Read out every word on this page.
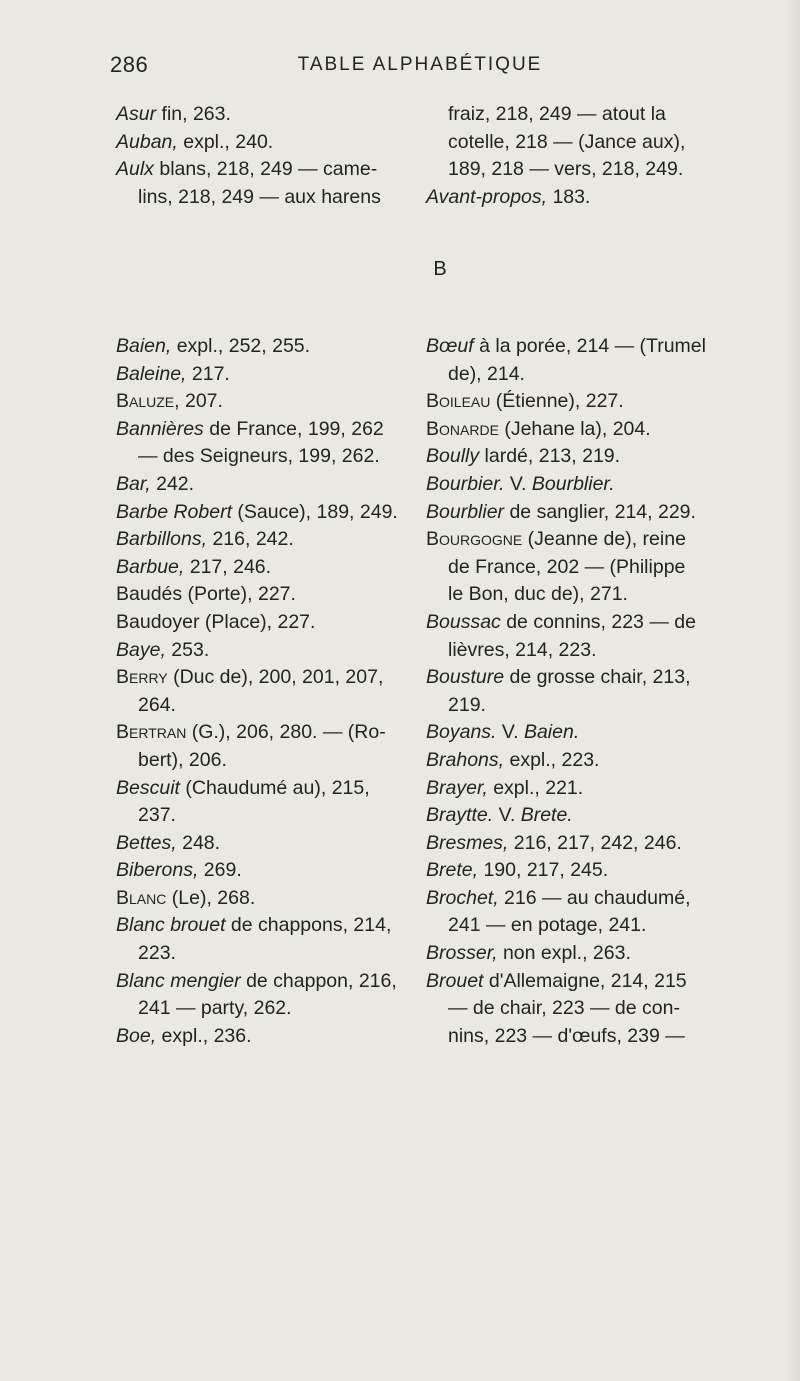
286	TABLE ALPHABÉTIQUE
Asur fin, 263.
Auban, expl., 240.
Aulx blans, 218, 249 — came-
lins, 218, 249 — aux harens
fraiz, 218, 249 — atout la
cotelle, 218 — (Jance aux),
189, 218 — vers, 218, 249.
Avant-propos, 183.
B
Baien, expl., 252, 255.
Baleine, 217.
Baluze, 207.
Bannières de France, 199, 262
— des Seigneurs, 199, 262.
Bar, 242.
Barbe Robert (Sauce), 189, 249.
Barbillons, 216, 242.
Barbue, 217, 246.
Baudés (Porte), 227.
Baudoyer (Place), 227.
Baye, 253.
Berry (Duc de), 200, 201, 207,
264.
Bertran (G.), 206, 280. — (Ro-
bert), 206.
Bescuit (Chaudumé au), 215,
237.
Bettes, 248.
Biberons, 269.
Blanc (Le), 268.
Blanc brouet de chappons, 214,
223.
Blanc mengier de chappon, 216,
241 — party, 262.
Boe, expl., 236.
Bœuf à la porée, 214 — (Trumel
de), 214.
Boileau (Étienne), 227.
Bonarde (Jehane la), 204.
Boully lardé, 213, 219.
Bourbier. V. Bourblier.
Bourblier de sanglier, 214, 229.
Bourgogne (Jeanne de), reine
de France, 202 — (Philippe
le Bon, duc de), 271.
Boussac de connins, 223 — de
lièvres, 214, 223.
Bousture de grosse chair, 213,
219.
Boyans. V. Baien.
Brahons, expl., 223.
Brayer, expl., 221.
Braytte. V. Brete.
Bresmes, 216, 217, 242, 246.
Brete, 190, 217, 245.
Brochet, 216 — au chaudumé,
241 — en potage, 241.
Brosser, non expl., 263.
Brouet d'Allemaigne, 214, 215
— de chair, 223 — de con-
nins, 223 — d'œufs, 239 —
